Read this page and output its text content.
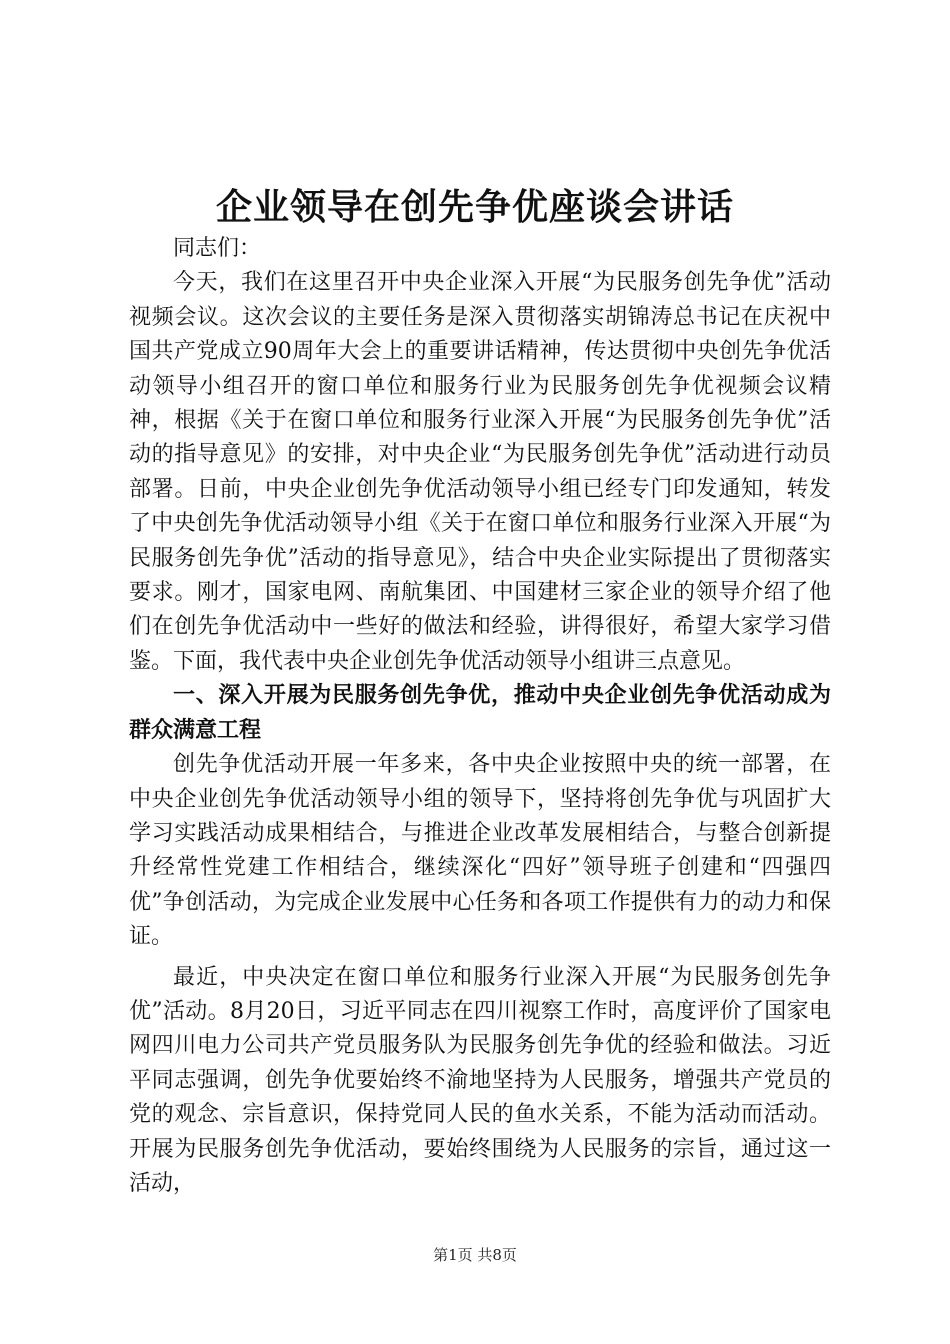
企业领导在创先争优座谈会讲话

同志们：

今天，我们在这里召开中央企业深入开展“为民服务创先争优”活动视频会议。这次会议的主要任务是深入贯彻落实胡锦涛总书记在庆祝中国共产党成立90周年大会上的重要讲话精神，传达贯彻中央创先争优活动领导小组召开的窗口单位和服务行业为民服务创先争优视频会议精神，根据《关于在窗口单位和服务行业深入开展“为民服务创先争优”活动的指导意见》的安排，对中央企业“为民服务创先争优”活动进行动员部署。日前，中央企业创先争优活动领导小组已经专门印发通知，转发了中央创先争优活动领导小组《关于在窗口单位和服务行业深入开展“为民服务创先争优”活动的指导意见》，结合中央企业实际提出了贯彻落实要求。刚才，国家电网、南航集团、中国建材三家企业的领导介绍了他们在创先争优活动中一些好的做法和经验，讲得很好，希望大家学习借鉴。下面，我代表中央企业创先争优活动领导小组讲三点意见。

一、深入开展为民服务创先争优，推动中央企业创先争优活动成为群众满意工程

创先争优活动开展一年多来，各中央企业按照中央的统一部署，在中央企业创先争优活动领导小组的领导下，坚持将创先争优与巩固扩大学习实践活动成果相结合，与推进企业改革发展相结合，与整合创新提升经常性党建工作相结合，继续深化“四好”领导班子创建和“四强四优”争创活动，为完成企业发展中心任务和各项工作提供有力的动力和保证。

最近，中央决定在窗口单位和服务行业深入开展“为民服务创先争优”活动。8月20日，习近平同志在四川视察工作时，高度评价了国家电网四川电力公司共产党员服务队为民服务创先争优的经验和做法。习近平同志强调，创先争优要始终不渝地坚持为人民服务，增强共产党员的党的观念、宗旨意识，保持党同人民的鱼水关系，不能为活动而活动。开展为民服务创先争优活动，要始终围绕为人民服务的宗旨，通过这一活动，

第1页 共8页
